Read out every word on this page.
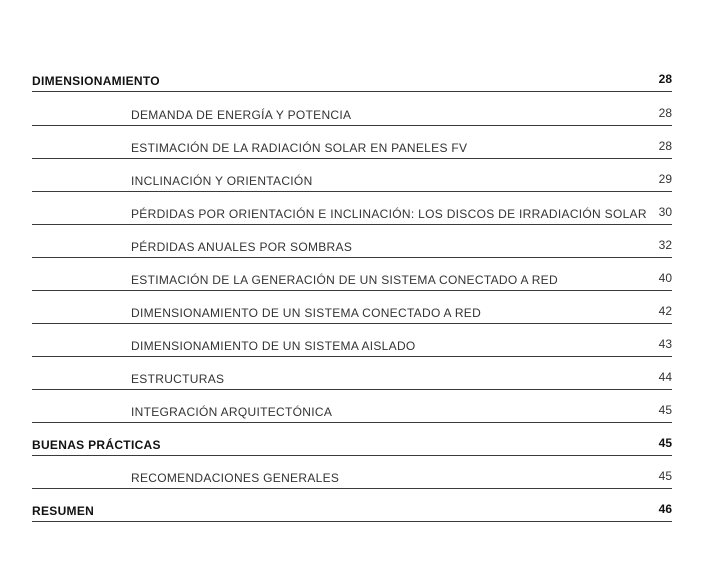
DIMENSIONAMIENTO	28
DEMANDA DE ENERGÍA Y POTENCIA	28
ESTIMACIÓN DE LA RADIACIÓN SOLAR EN PANELES FV	28
INCLINACIÓN Y ORIENTACIÓN	29
PÉRDIDAS POR ORIENTACIÓN E INCLINACIÓN: LOS DISCOS DE IRRADIACIÓN SOLAR 30
PÉRDIDAS ANUALES POR SOMBRAS	32
ESTIMACIÓN DE LA GENERACIÓN DE UN SISTEMA CONECTADO A RED	40
DIMENSIONAMIENTO DE UN SISTEMA CONECTADO A RED	42
DIMENSIONAMIENTO DE UN SISTEMA AISLADO	43
ESTRUCTURAS	44
INTEGRACIÓN ARQUITECTÓNICA	45
BUENAS PRÁCTICAS	45
RECOMENDACIONES GENERALES	45
RESUMEN	46
